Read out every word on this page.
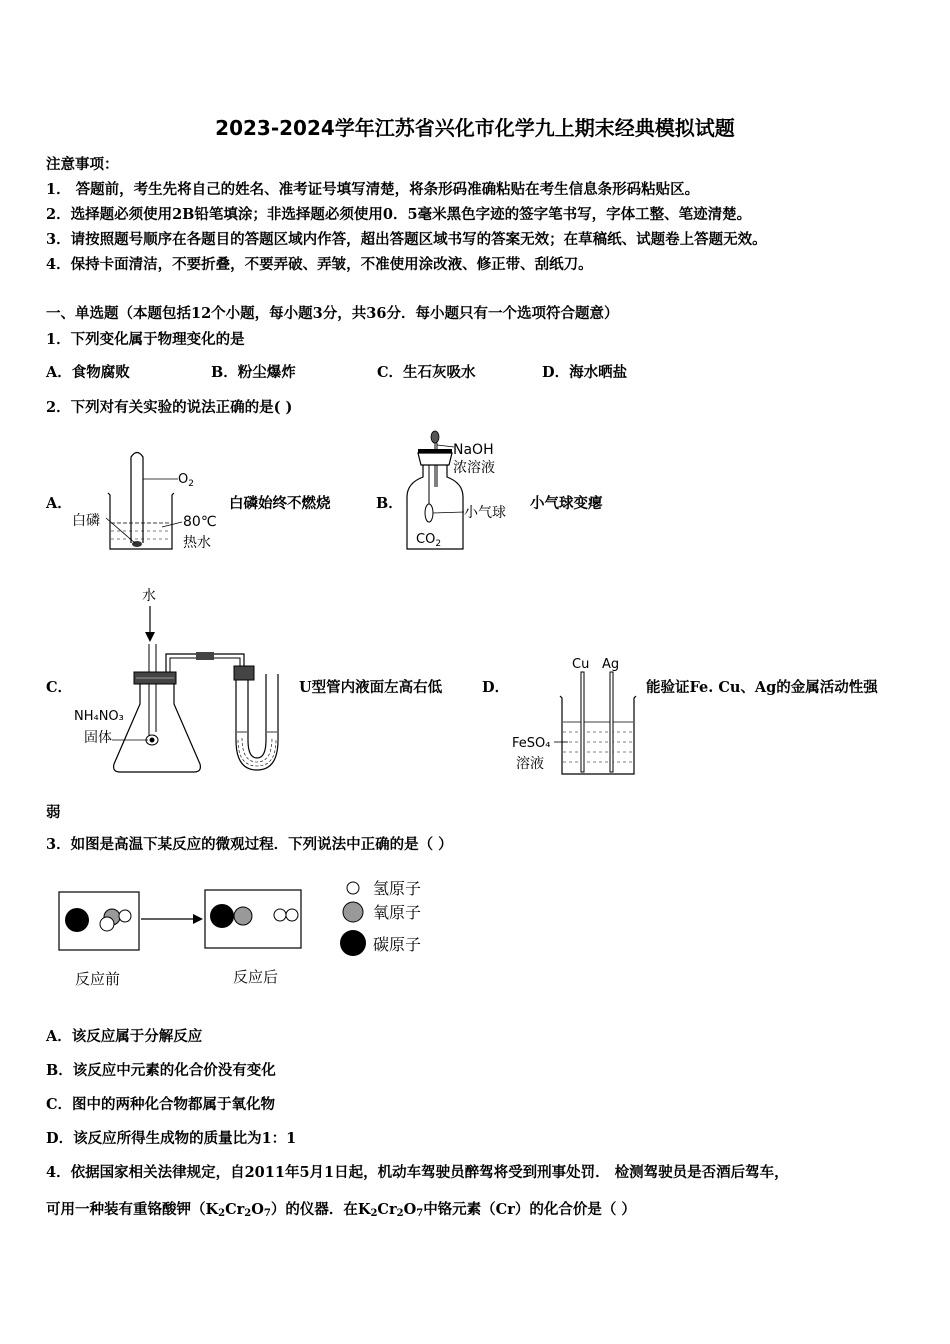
2023-2024学年江苏省兴化市化学九上期末经典模拟试题
注意事项：
1． 答题前，考生先将自己的姓名、准考证号填写清楚，将条形码准确粘贴在考生信息条形码粘贴区。
2．选择题必须使用2B铅笔填涂；非选择题必须使用0．5毫米黑色字迹的签字笔书写，字体工整、笔迹清楚。
3．请按照题号顺序在各题目的答题区域内作答，超出答题区域书写的答案无效；在草稿纸、试题卷上答题无效。
4．保持卡面清洁，不要折叠，不要弄破、弄皱，不准使用涂改液、修正带、刮纸刀。
一、单选题（本题包括12个小题，每小题3分，共36分．每小题只有一个选项符合题意）
1．下列变化属于物理变化的是
A．食物腐败	B．粉尘爆炸	C．生石灰吸水	D．海水晒盐
2．下列对有关实验的说法正确的是( )
A．
$O_2$
白磷	80℃
热水
白磷始终不燃烧	B．
NaOH
浓溶液
小气球
$CO_2$
小气球变瘪
C．
水
NH₄NO₃
固体
U型管内液面左高右低	D．
Cu Ag
FeSO₄
溶液
能验证Fe. Cu、Ag的金属活动性强
弱
3．如图是高温下某反应的微观过程．下列说法中正确的是（ ）
反应前	反应后
氢原子
氧原子
碳原子
A．该反应属于分解反应
B．该反应中元素的化合价没有变化
C．图中的两种化合物都属于氧化物
D．该反应所得生成物的质量比为1：1
4．依据国家相关法律规定，自2011年5月1日起，机动车驾驶员醉驾将受到刑事处罚． 检测驾驶员是否酒后驾车，
可用一种装有重铬酸钾$(K_2Cr_2O_7)$的仪器．在$K_2Cr_2O_7$中铬元素（Cr）的化合价是（ ）
